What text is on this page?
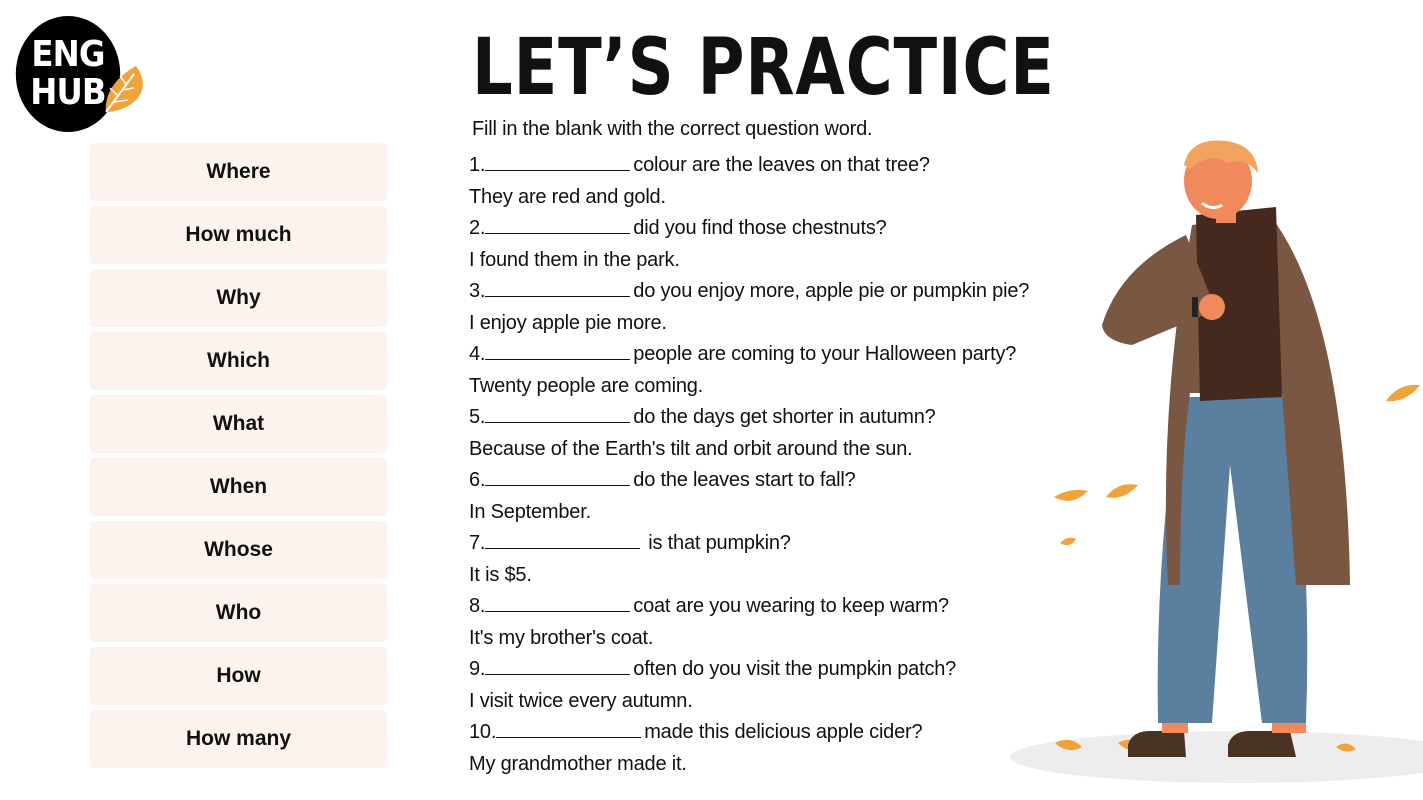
ENG
HUB	LET’S PRACTICE
Fill in the blank with the correct question word.
Where
How much
Why
Which
What
When
Whose
Who
How
How many
1.	colour are the leaves on that tree?
They are red and gold.
2.	did you find those chestnuts?
I found them in the park.
3.	do you enjoy more, apple pie or pumpkin pie?
I enjoy apple pie more.
4.	people are coming to your Halloween party?
Twenty people are coming.
5.	do the days get shorter in autumn?
Because of the Earth's tilt and orbit around the sun.
6.	do the leaves start to fall?
In September.
7.	is that pumpkin?
It is $5.
8.	coat are you wearing to keep warm?
It's my brother's coat.
9.	often do you visit the pumpkin patch?
I visit twice every autumn.
10.	made this delicious apple cider?
My grandmother made it.
